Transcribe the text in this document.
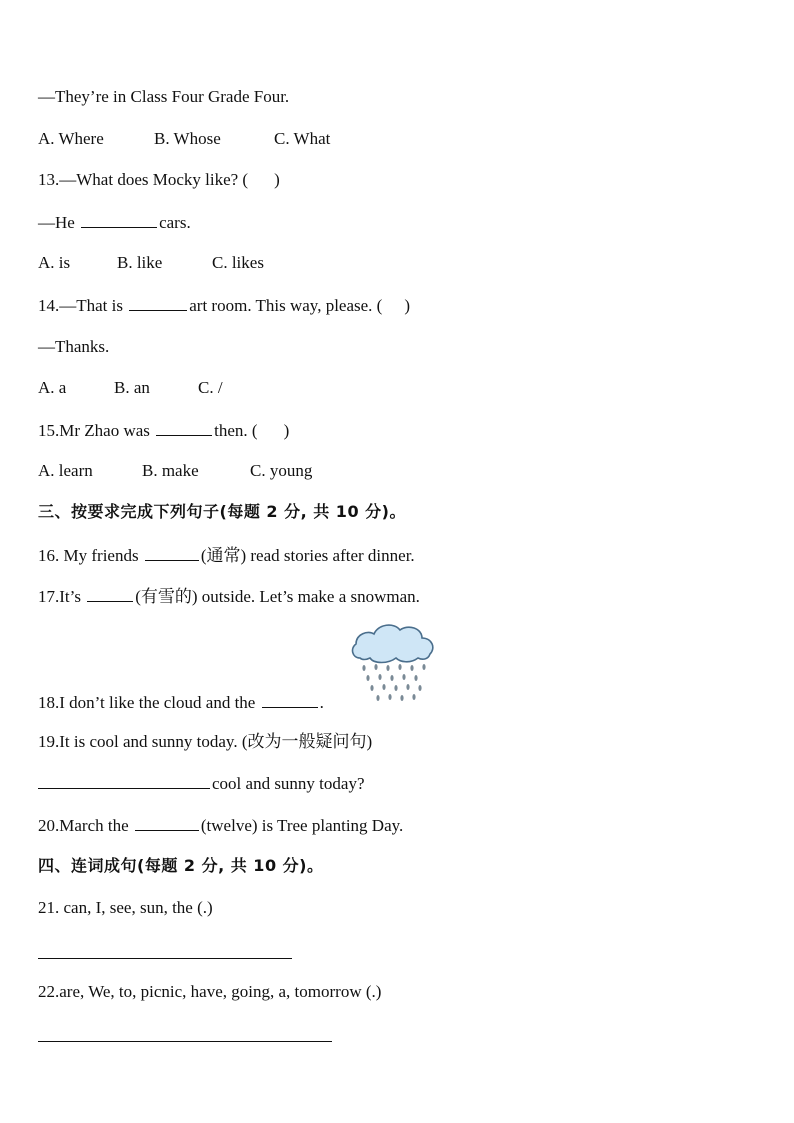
—They’re in Class Four Grade Four.
A. Where	B. Whose	C. What
13.—What does Mocky like? ( )
—He	cars.
A. is	B. like	C. likes
14.—That is	art room. This way, please. ( )
—Thanks.
A. a	B. an	C. /
15.Mr Zhao was	then. ( )
A. learn	B. make	C. young
三、按要求完成下列句子(每题 2 分, 共 10 分)。
16. My friends	(通常) read stories after dinner.
17.It’s	(有雪的) outside. Let’s make a snowman.
18.I don’t like the cloud and the	.
19.It is cool and sunny today. (改为一般疑问句)
cool and sunny today?
20.March the	(twelve) is Tree planting Day.
四、连词成句(每题 2 分, 共 10 分)。
21. can, I, see, sun, the (.)
22.are, We, to, picnic, have, going, a, tomorrow (.)
